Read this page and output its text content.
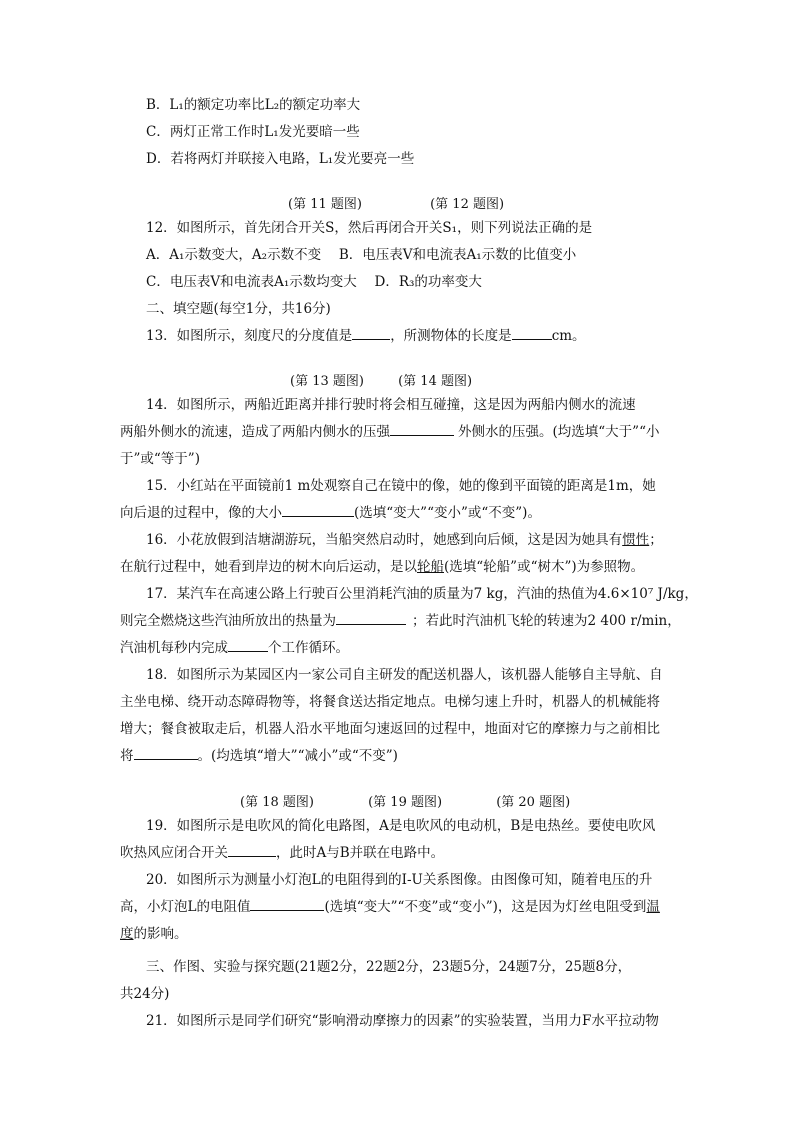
B．L₁的额定功率比L₂的额定功率大
C．两灯正常工作时L₁发光要暗一些
D．若将两灯并联接入电路，L₁发光要亮一些
(第 11 题图)	(第 12 题图)
12．如图所示，首先闭合开关S，然后再闭合开关S₁，则下列说法正确的是
A．A₁示数变大，A₂示数不变　 B．电压表V和电流表A₁示数的比值变小
C．电压表V和电流表A₁示数均变大　 D．R₃的功率变大
二、填空题(每空1分，共16分)
13．如图所示，刻度尺的分度值是	，所测物体的长度是	cm。
(第 13 题图)	(第 14 题图)
14．如图所示，两船近距离并排行驶时将会相互碰撞，这是因为两船内侧水的流速
两船外侧水的流速，造成了两船内侧水的压强	外侧水的压强。(均选填“大于”“小
于”或“等于”)
15．小红站在平面镜前1 m处观察自己在镜中的像，她的像到平面镜的距离是1m，她
向后退的过程中，像的大小	(选填“变大”“变小”或“不变”)。
16．小花放假到洁塘湖游玩，当船突然启动时，她感到向后倾，这是因为她具有惯性；
在航行过程中，她看到岸边的树木向后运动，是以轮船(选填“轮船”或“树木”)为参照物。
17．某汽车在高速公路上行驶百公里消耗汽油的质量为7 kg，汽油的热值为4.6×10⁷ J/kg，
则完全燃烧这些汽油所放出的热量为	；若此时汽油机飞轮的转速为2 400 r/min，
汽油机每秒内完成	个工作循环。
18．如图所示为某园区内一家公司自主研发的配送机器人，该机器人能够自主导航、自
主坐电梯、绕开动态障碍物等，将餐食送达指定地点。电梯匀速上升时，机器人的机械能将
增大；餐食被取走后，机器人沿水平地面匀速返回的过程中，地面对它的摩擦力与之前相比
将	。(均选填“增大”“减小”或“不变”)
(第 18 题图)	(第 19 题图)	(第 20 题图)
19．如图所示是电吹风的简化电路图，A是电吹风的电动机，B是电热丝。要使电吹风
吹热风应闭合开关	，此时A与B并联在电路中。
20．如图所示为测量小灯泡L的电阻得到的I-U关系图像。由图像可知，随着电压的升
高，小灯泡L的电阻值	(选填“变大”“不变”或“变小”)，这是因为灯丝电阻受到温
度的影响。
三、作图、实验与探究题(21题2分，22题2分，23题5分，24题7分，25题8分，
共24分)
21．如图所示是同学们研究“影响滑动摩擦力的因素”的实验装置，当用力F水平拉动物
